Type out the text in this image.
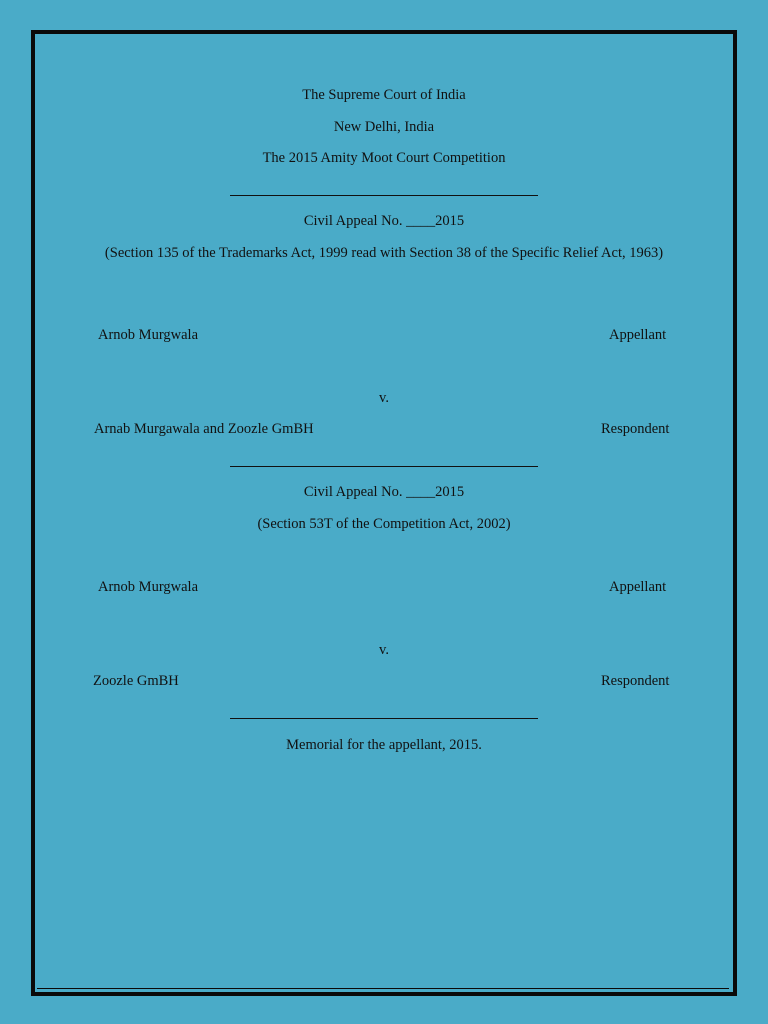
The Supreme Court of India
New Delhi, India
The 2015 Amity Moot Court Competition
Civil Appeal No. ____2015
(Section 135 of the Trademarks Act, 1999 read with Section 38 of the Specific Relief Act, 1963)
Arnob Murgwala	Appellant
v.
Arnab Murgawala and Zoozle GmBH	Respondent
Civil Appeal No. ____2015
(Section 53T of the Competition Act, 2002)
Arnob Murgwala	Appellant
v.
Zoozle GmBH	Respondent
Memorial for the appellant, 2015.
